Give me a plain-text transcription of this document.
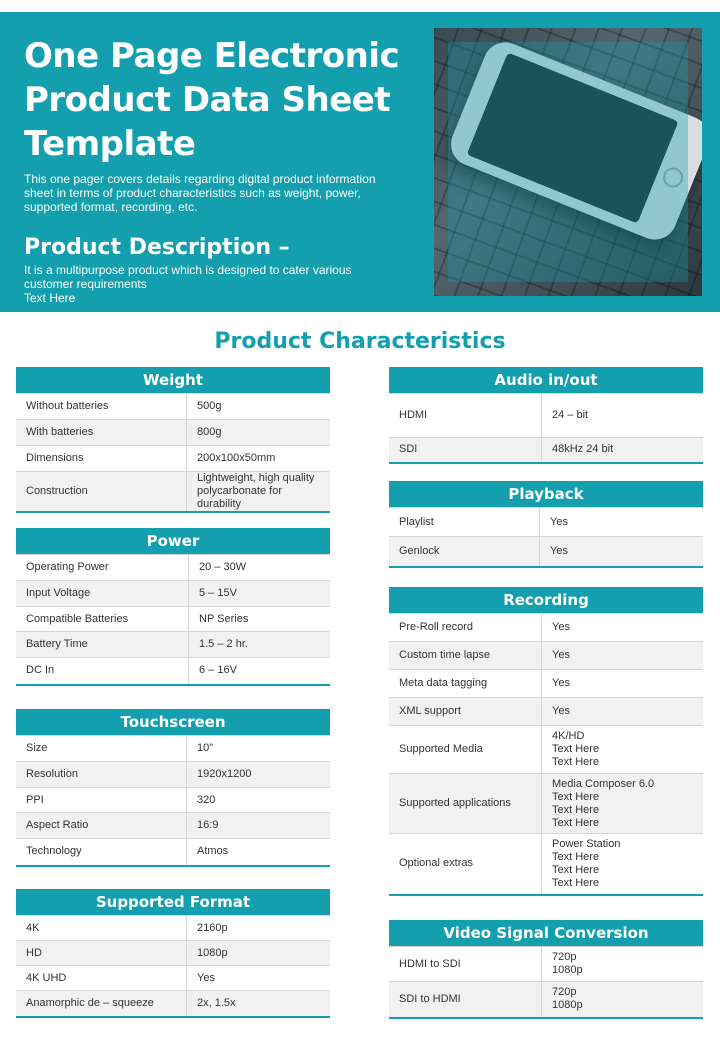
One Page Electronic Product Data Sheet Template
This one pager covers details regarding digital product information sheet in terms of product characteristics such as weight, power, supported format, recording, etc.
Product Description –
It is a multipurpose product which is designed to cater various customer requirements
Text Here
Product Characteristics
Weight
Without batteries	500g
With batteries	800g
Dimensions	200x100x50mm
Construction	Lightweight, high quality polycarbonate for durability
Power
Operating Power	20 – 30W
Input Voltage	5 – 15V
Compatible Batteries	NP Series
Battery Time	1.5 – 2 hr.
DC In	6 – 16V
Touchscreen
Size	10"
Resolution	1920x1200
PPI	320
Aspect Ratio	16:9
Technology	Atmos
Supported Format
4K	2160p
HD	1080p
4K UHD	Yes
Anamorphic de – squeeze	2x, 1.5x
Audio in/out
HDMI	24 – bit
SDI	48kHz 24 bit
Playback
Playlist	Yes
Genlock	Yes
Recording
Pre-Roll record	Yes
Custom time lapse	Yes
Meta data tagging	Yes
XML support	Yes
Supported Media	4K/HD
Text Here
Text Here

Supported applications	Media Composer 6.0
Text Here
Text Here
Text Here

Optional extras	Power Station
Text Here
Text Here
Text Here
Video Signal Conversion
HDMI to SDI	720p
1080p

SDI to HDMI	720p
1080p
